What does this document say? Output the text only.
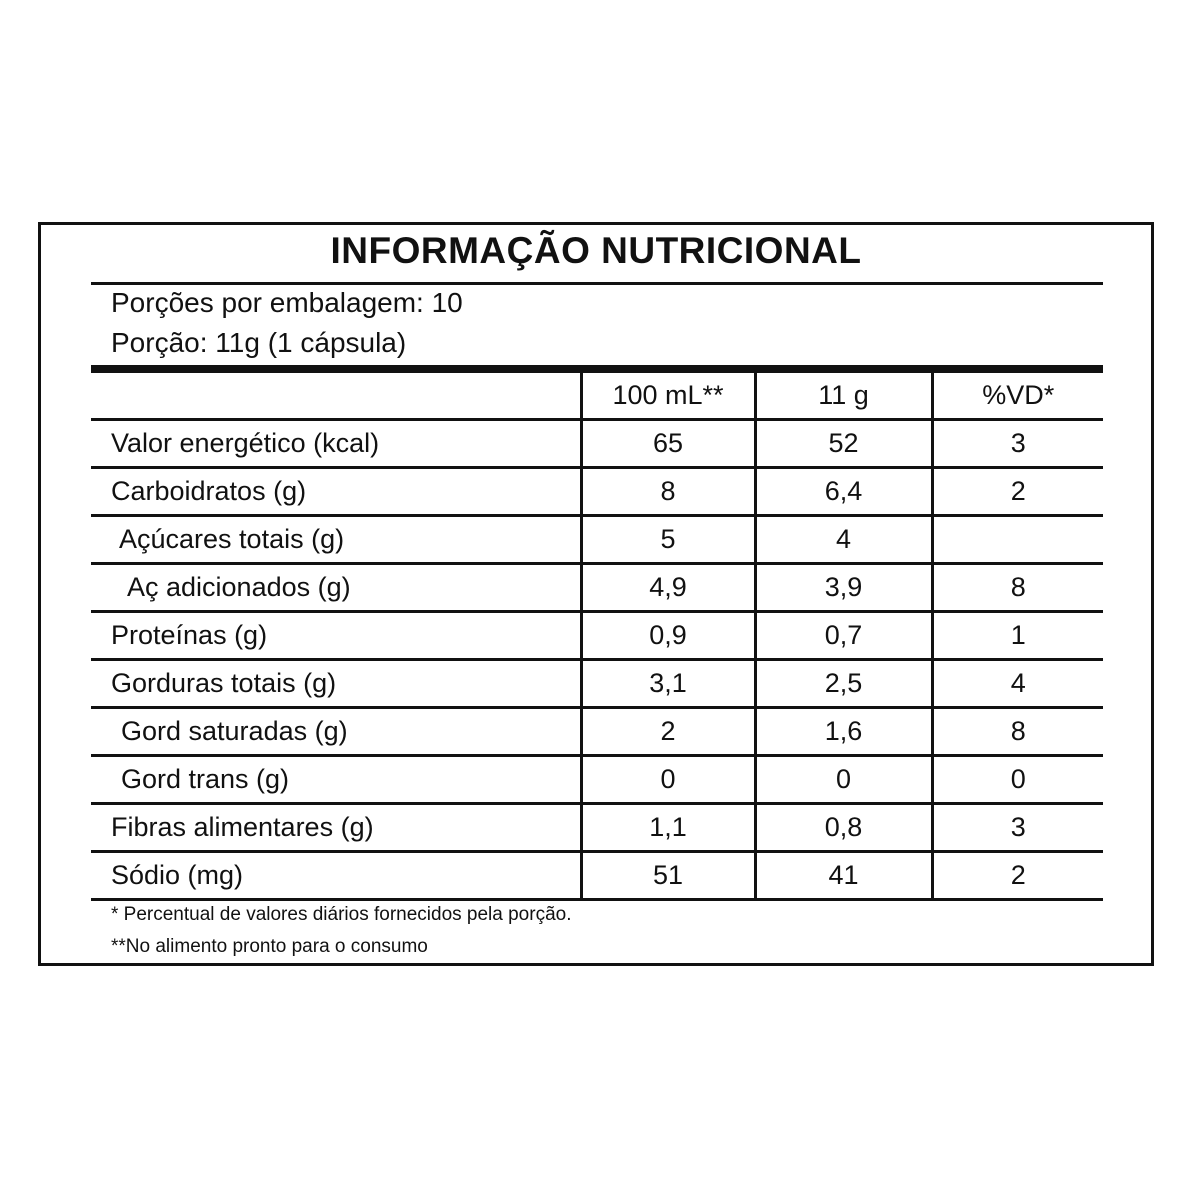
INFORMAÇÃO NUTRICIONAL
Porções por embalagem: 10
Porção: 11g (1 cápsula)
	100 mL**	11 g	%VD*
Valor energético (kcal)	65	52	3
Carboidratos (g)	8	6,4	2
Açúcares totais (g)	5	4	
Aç adicionados (g)	4,9	3,9	8
Proteínas (g)	0,9	0,7	1
Gorduras totais (g)	3,1	2,5	4
Gord saturadas (g)	2	1,6	8
Gord trans (g)	0	0	0
Fibras alimentares (g)	1,1	0,8	3
Sódio (mg)	51	41	2
* Percentual de valores diários fornecidos pela porção.
**No alimento pronto para o consumo
